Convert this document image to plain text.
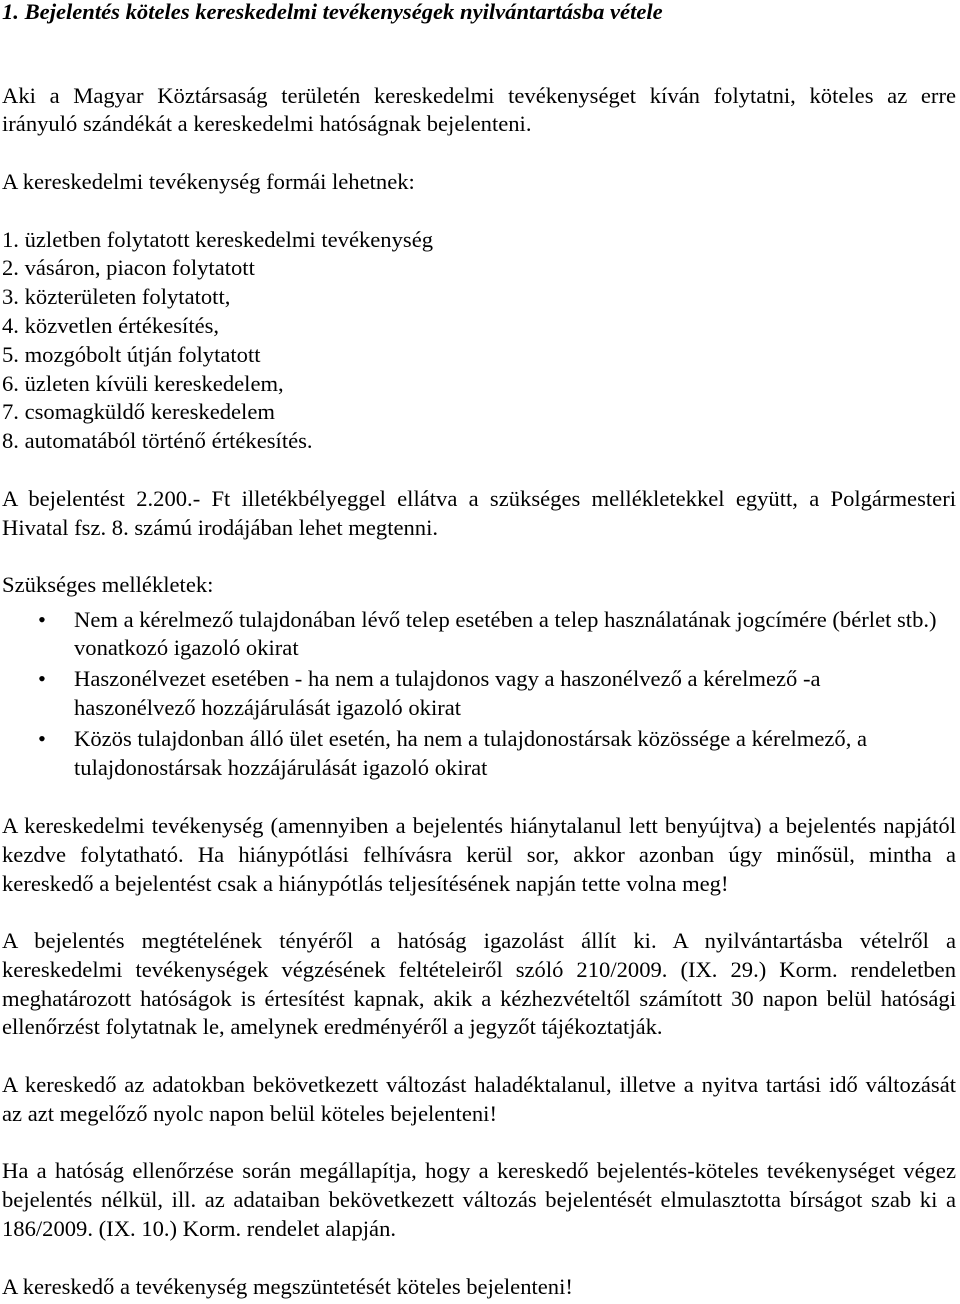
1. Bejelentés köteles kereskedelmi tevékenységek nyilvántartásba vétele
Aki a Magyar Köztársaság területén kereskedelmi tevékenységet kíván folytatni, köteles az erre
irányuló szándékát a kereskedelmi hatóságnak bejelenteni.
A kereskedelmi tevékenység formái lehetnek:
1. üzletben folytatott kereskedelmi tevékenység
2. vásáron, piacon folytatott
3. közterületen folytatott,
4. közvetlen értékesítés,
5. mozgóbolt útján folytatott
6. üzleten kívüli kereskedelem,
7. csomagküldő kereskedelem
8. automatából történő értékesítés.
A bejelentést 2.200.- Ft illetékbélyeggel ellátva a szükséges mellékletekkel együtt, a Polgármesteri
Hivatal fsz. 8. számú irodájában lehet megtenni.
Szükséges mellékletek:
• Nem a kérelmező tulajdonában lévő telep esetében a telep használatának jogcímére (bérlet stb.)
vonatkozó igazoló okirat
• Haszonélvezet esetében - ha nem a tulajdonos vagy a haszonélvező a kérelmező -a
haszonélvező hozzájárulását igazoló okirat
• Közös tulajdonban álló ület esetén, ha nem a tulajdonostársak közössége a kérelmező, a
tulajdonostársak hozzájárulását igazoló okirat
A kereskedelmi tevékenység (amennyiben a bejelentés hiánytalanul lett benyújtva) a bejelentés napjától
kezdve folytatható. Ha hiánypótlási felhívásra kerül sor, akkor azonban úgy minősül, mintha a
kereskedő a bejelentést csak a hiánypótlás teljesítésének napján tette volna meg!
A bejelentés megtételének tényéről a hatóság igazolást állít ki. A nyilvántartásba vételről a
kereskedelmi tevékenységek végzésének feltételeiről szóló 210/2009. (IX. 29.) Korm. rendeletben
meghatározott hatóságok is értesítést kapnak, akik a kézhezvételtől számított 30 napon belül hatósági
ellenőrzést folytatnak le, amelynek eredményéről a jegyzőt tájékoztatják.
A kereskedő az adatokban bekövetkezett változást haladéktalanul, illetve a nyitva tartási idő változását
az azt megelőző nyolc napon belül köteles bejelenteni!
Ha a hatóság ellenőrzése során megállapítja, hogy a kereskedő bejelentés-köteles tevékenységet végez
bejelentés nélkül, ill. az adataiban bekövetkezett változás bejelentését elmulasztotta bírságot szab ki a
186/2009. (IX. 10.) Korm. rendelet alapján.
A kereskedő a tevékenység megszüntetését köteles bejelenteni!
